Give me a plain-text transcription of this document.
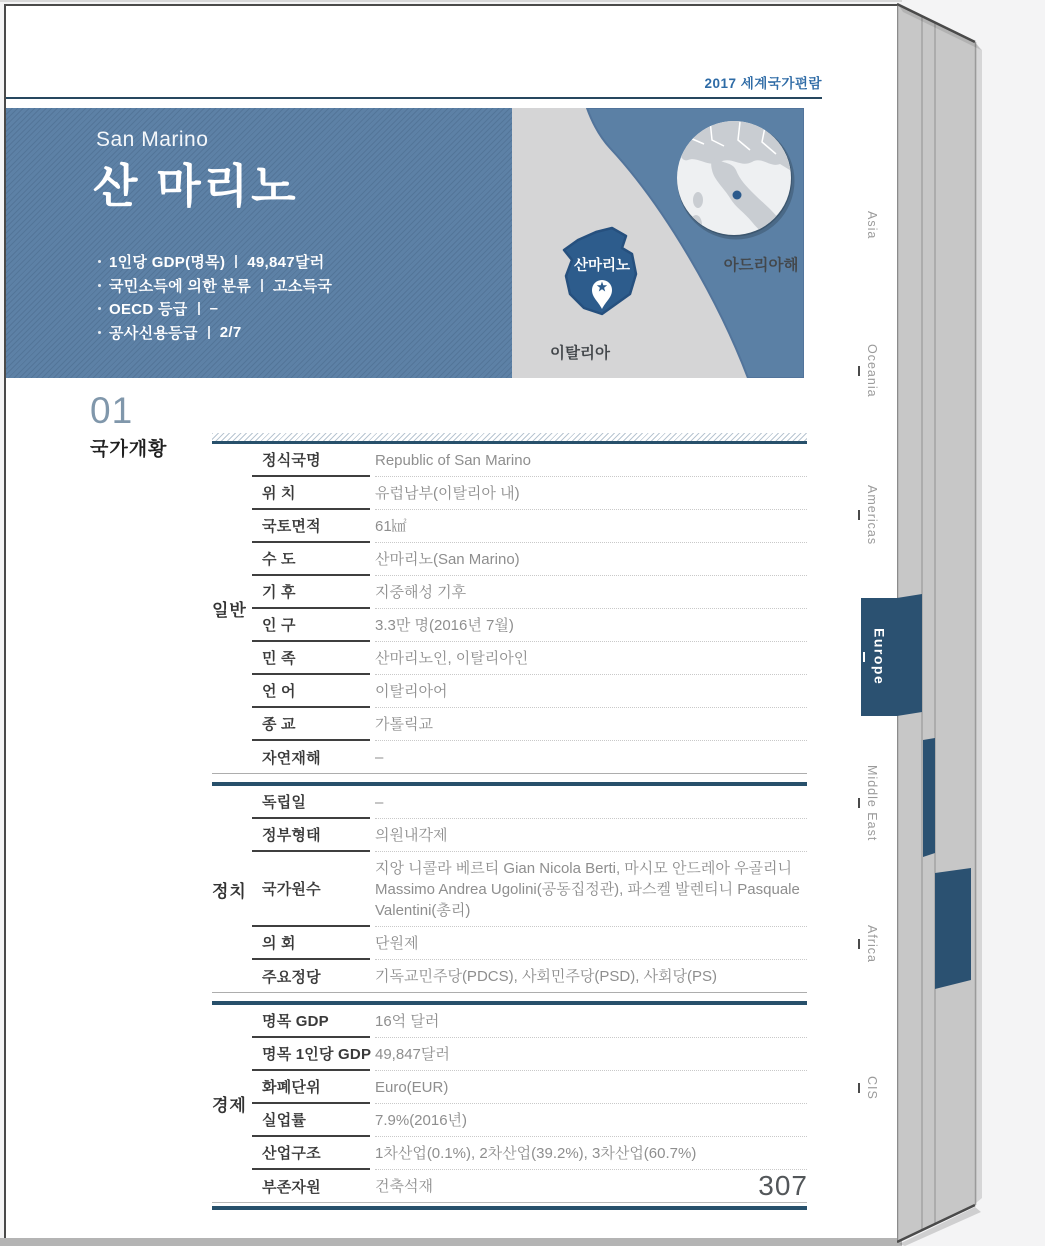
2017 세계국가편람
San Marino
산 마리노
1인당 GDP(명목) 49,847달러
국민소득에 의한 분류 고소득국
OECD 등급 –
공사신용등급 2/7
산마리노	아드리아해
이탈리아
01
국가개황
일반
정식국명	Republic of San Marino
위 치	유럽남부(이탈리아 내)
국토면적	61㎢
수 도	산마리노(San Marino)
기 후	지중해성 기후
인 구	3.3만 명(2016년 7월)
민 족	산마리노인, 이탈리아인
언 어	이탈리아어
종 교	가톨릭교
자연재해	–
정치
독립일	–
정부형태	의원내각제
국가원수
지앙 니콜라 베르티 Gian Nicola Berti, 마시모 안드레아 우골리니 Massimo Andrea Ugolini(공동집정관), 파스켈 발렌티니 Pasquale Valentini(총리)
의 회	단원제
주요정당	기독교민주당(PDCS), 사회민주당(PSD), 사회당(PS)
경제
명목 GDP	16억 달러
명목 1인당 GDP 49,847달러
화폐단위	Euro(EUR)
실업률	7.9%(2016년)
산업구조	1차산업(0.1%), 2차산업(39.2%), 3차산업(60.7%)
부존자원	건축석재	307
Asia
Oceania
Americas
Europe
Middle East
Africa
CIS
